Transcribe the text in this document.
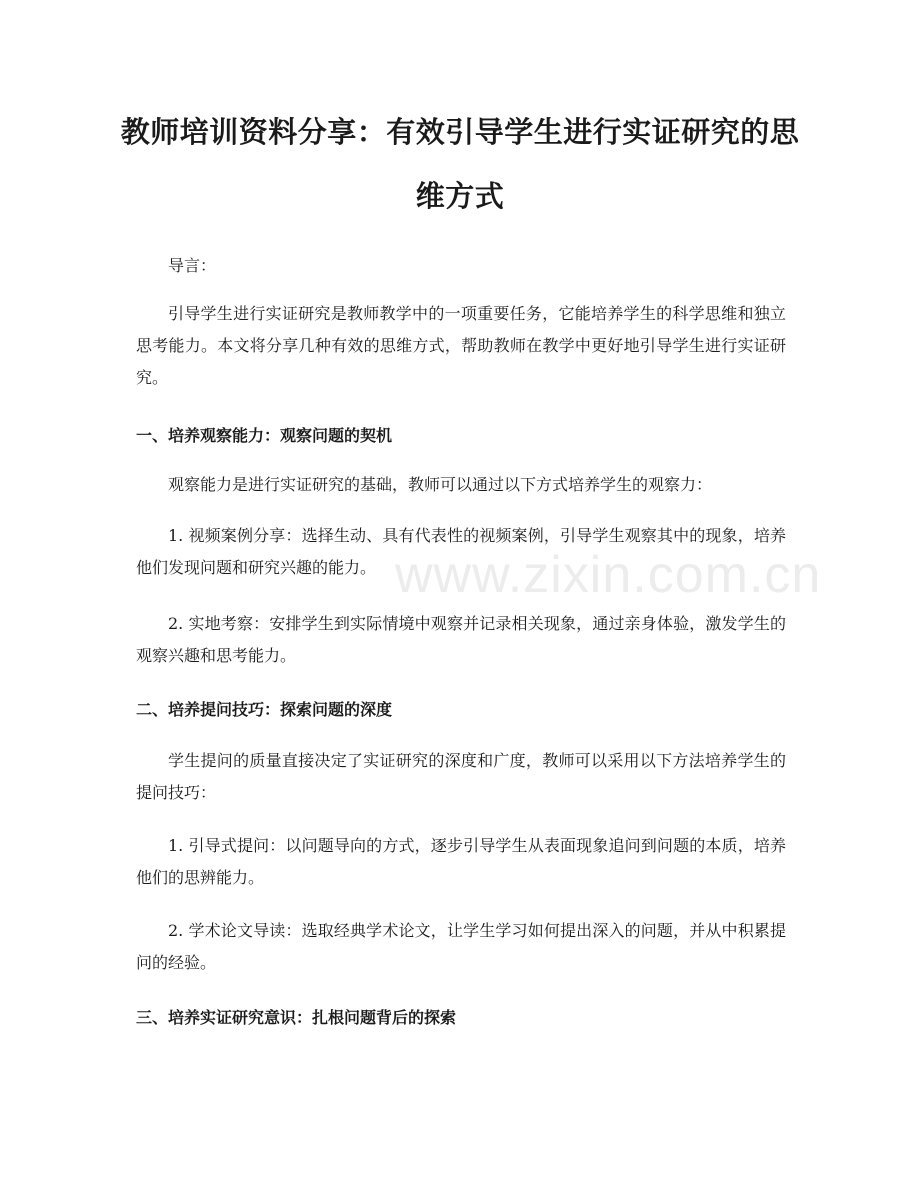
教师培训资料分享：有效引导学生进行实证研究的思维方式

导言：

引导学生进行实证研究是教师教学中的一项重要任务，它能培养学生的科学思维和独立思考能力。本文将分享几种有效的思维方式，帮助教师在教学中更好地引导学生进行实证研究。

一、培养观察能力：观察问题的契机

观察能力是进行实证研究的基础，教师可以通过以下方式培养学生的观察力：

1. 视频案例分享：选择生动、具有代表性的视频案例，引导学生观察其中的现象，培养他们发现问题和研究兴趣的能力。

2. 实地考察：安排学生到实际情境中观察并记录相关现象，通过亲身体验，激发学生的观察兴趣和思考能力。

二、培养提问技巧：探索问题的深度

学生提问的质量直接决定了实证研究的深度和广度，教师可以采用以下方法培养学生的提问技巧：

1. 引导式提问：以问题导向的方式，逐步引导学生从表面现象追问到问题的本质，培养他们的思辨能力。

2. 学术论文导读：选取经典学术论文，让学生学习如何提出深入的问题，并从中积累提问的经验。

三、培养实证研究意识：扎根问题背后的探索
www.zixin.com.cn
